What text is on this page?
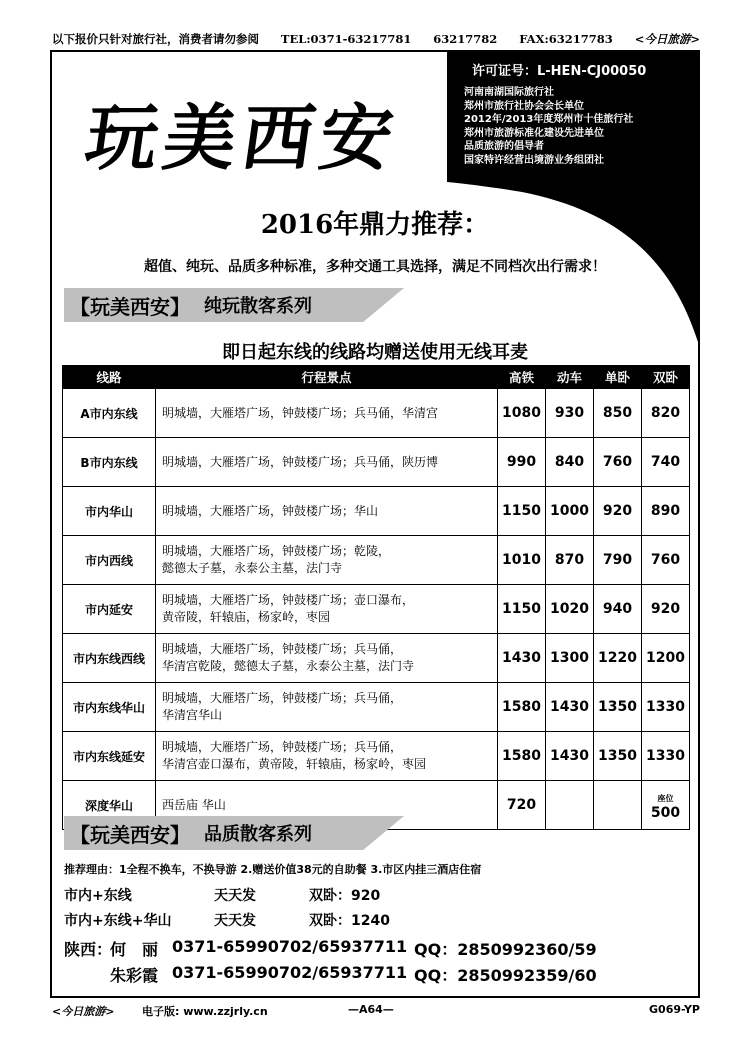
以下报价只针对旅行社，消费者请勿参阅 TEL:0371-63217781 63217782 FAX:63217783 <今日旅游>
玩美西安
许可证号：L-HEN-CJ00050
河南南湖国际旅行社
郑州市旅行社协会会长单位
2012年/2013年度郑州市十佳旅行社
郑州市旅游标准化建设先进单位
品质旅游的倡导者
国家特许经营出境游业务组团社
2016年鼎力推荐：
超值、纯玩、品质多种标准，多种交通工具选择，满足不同档次出行需求！
【玩美西安】 纯玩散客系列
即日起东线的线路均赠送使用无线耳麦
线路	行程景点	高铁	动车	单卧	双卧
A市内东线	明城墙，大雁塔广场，钟鼓楼广场；兵马俑，华清宫	1080	930	850	820
B市内东线	明城墙，大雁塔广场，钟鼓楼广场；兵马俑，陕历博	990	840	760	740
市内华山	明城墙，大雁塔广场，钟鼓楼广场；华山	1150	1000	920	890
市内西线	明城墙，大雁塔广场，钟鼓楼广场；乾陵，
懿德太子墓，永泰公主墓，法门寺	1010	870	790	760
市内延安	明城墙，大雁塔广场，钟鼓楼广场；壶口瀑布，
黄帝陵，轩辕庙，杨家岭，枣园	1150	1020	940	920
市内东线西线	明城墙，大雁塔广场，钟鼓楼广场；兵马俑，
华清宫乾陵，懿德太子墓，永泰公主墓，法门寺	1430	1300	1220	1200
市内东线华山	明城墙，大雁塔广场，钟鼓楼广场；兵马俑，
华清宫华山	1580	1430	1350	1330
市内东线延安	明城墙，大雁塔广场，钟鼓楼广场；兵马俑，
华清宫壶口瀑布，黄帝陵，轩辕庙，杨家岭，枣园	1580	1430	1350	1330
深度华山	西岳庙 华山	720			座位500
【玩美西安】 品质散客系列
推荐理由：1全程不换车，不换导游 2.赠送价值38元的自助餐 3.市区内挂三酒店住宿
市内+东线	天天发	双卧：920
市内+东线+华山	天天发	双卧：1240
陕西：
何　丽 0371-65990702/65937711 QQ：2850992360/59
朱彩霞 0371-65990702/65937711 QQ：2850992359/60
<今日旅游>	电子版: www.zzjrly.cn	—A64—	G069-YP
